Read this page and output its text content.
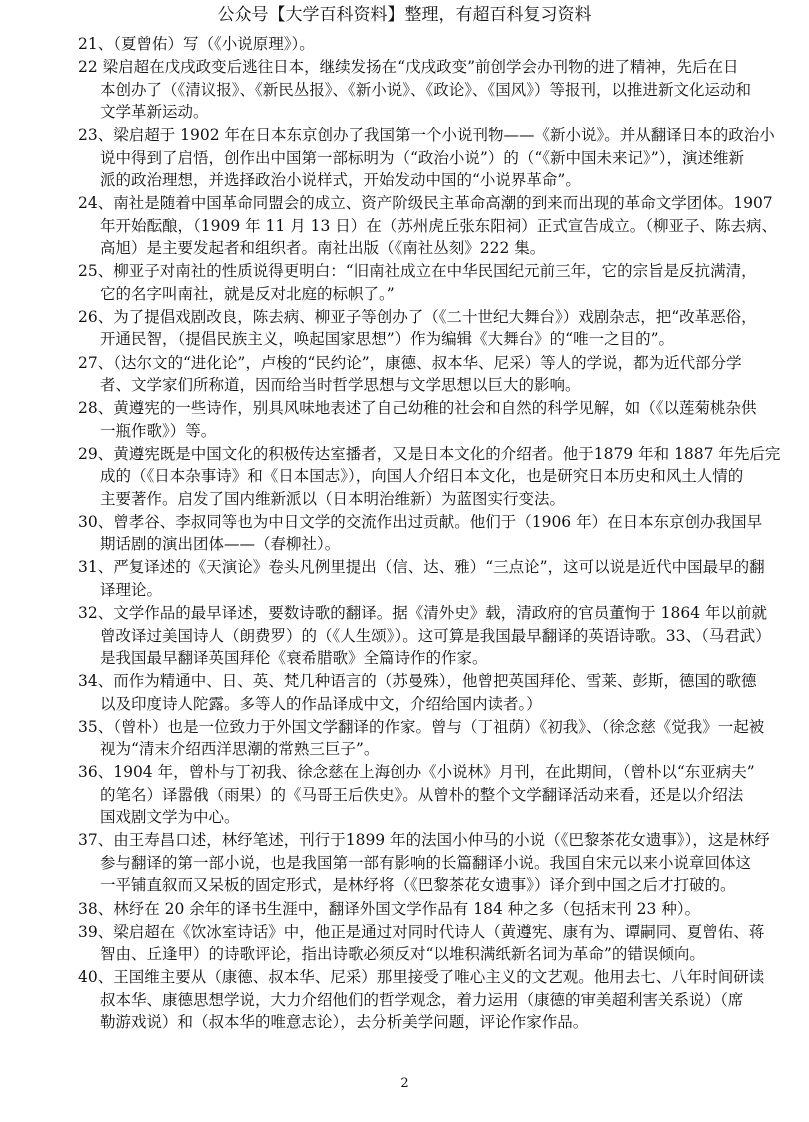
公众号【大学百科资料】整理，有超百科复习资料
21、（夏曾佑）写（《小说原理》）。
22 梁启超在戊戌政变后逃往日本，继续发扬在“戊戌政变”前创学会办刊物的进了精神，先后在日
本创办了（《清议报》、《新民丛报》、《新小说》、《政论》、《国风》）等报刊，以推进新文化运动和
文学革新运动。
23、梁启超于 1902 年在日本东京创办了我国第一个小说刊物——《新小说》。并从翻译日本的政治小
说中得到了启悟，创作出中国第一部标明为（“政治小说”）的（“《新中国未来记》”），演述维新
派的政治理想，并选择政治小说样式，开始发动中国的“小说界革命”。
24、南社是随着中国革命同盟会的成立、资产阶级民主革命高潮的到来而出现的革命文学团体。1907
年开始酝酿，（1909 年 11 月 13 日）在（苏州虎丘张东阳祠）正式宣告成立。（柳亚子、陈去病、
高旭）是主要发起者和组织者。南社出版（《南社丛刻》222 集。
25、柳亚子对南社的性质说得更明白：“旧南社成立在中华民国纪元前三年，它的宗旨是反抗满清，
它的名字叫南社，就是反对北庭的标帜了。”
26、为了提倡戏剧改良，陈去病、柳亚子等创办了（《二十世纪大舞台》）戏剧杂志，把“改革恶俗，
开通民智，（提倡民族主义，唤起国家思想”）作为编辑《大舞台》的“唯一之目的”。
27、（达尔文的“进化论”，卢梭的“民约论”，康德、叔本华、尼采）等人的学说，都为近代部分学
者、文学家们所称道，因而给当时哲学思想与文学思想以巨大的影响。
28、黄遵宪的一些诗作，别具风味地表述了自己幼稚的社会和自然的科学见解，如（《以莲菊桃杂供
一瓶作歌》）等。
29、黄遵宪既是中国文化的积极传达室播者，又是日本文化的介绍者。他于1879 年和 1887 年先后完
成的（《日本杂事诗》和《日本国志》），向国人介绍日本文化，也是研究日本历史和风土人情的
主要著作。启发了国内维新派以（日本明治维新）为蓝图实行变法。
30、曾孝谷、李叔同等也为中日文学的交流作出过贡献。他们于（1906 年）在日本东京创办我国早
期话剧的演出团体——（春柳社）。
31、严复译述的《天演论》卷头凡例里提出（信、达、雅）“三点论”，这可以说是近代中国最早的翻
译理论。
32、文学作品的最早译述，要数诗歌的翻译。据《清外史》载，清政府的官员董恂于 1864 年以前就
曾改译过美国诗人（朗费罗）的（《人生颂》）。这可算是我国最早翻译的英语诗歌。33、（马君武）
是我国最早翻译英国拜伦《衰希腊歌》全篇诗作的作家。
34、而作为精通中、日、英、梵几种语言的（苏曼殊），他曾把英国拜伦、雪莱、彭斯，德国的歌德
以及印度诗人陀露。多等人的作品译成中文，介绍给国内读者。）
35、（曾朴）也是一位致力于外国文学翻译的作家。曾与（丁祖荫）《初我》、（徐念慈《觉我》一起被
视为“清末介绍西洋思潮的常熟三巨子”。
36、1904 年，曾朴与丁初我、徐念慈在上海创办《小说林》月刊，在此期间，（曾朴以“东亚病夫”
的笔名）译嚣俄（雨果）的《马哥王后佚史》。从曾朴的整个文学翻译活动来看，还是以介绍法
国戏剧文学为中心。
37、由王寿昌口述，林纾笔述，刊行于1899 年的法国小仲马的小说（《巴黎茶花女遗事》），这是林纾
参与翻译的第一部小说，也是我国第一部有影响的长篇翻译小说。我国自宋元以来小说章回体这
一平铺直叙而又呆板的固定形式，是林纾将（《巴黎茶花女遗事》）译介到中国之后才打破的。
38、林纾在 20 余年的译书生涯中，翻译外国文学作品有 184 种之多（包括末刊 23 种）。
39、梁启超在《饮冰室诗话》中，他正是通过对同时代诗人（黄遵宪、康有为、谭嗣同、夏曾佑、蒋
智由、丘逢甲）的诗歌评论，指出诗歌必须反对“以堆积满纸新名词为革命”的错误倾向。
40、王国维主要从（康德、叔本华、尼采）那里接受了唯心主义的文艺观。他用去七、八年时间研读
叔本华、康德思想学说，大力介绍他们的哲学观念，着力运用（康德的审美超利害关系说）（席
勒游戏说）和（叔本华的唯意志论），去分析美学问题，评论作家作品。
2
